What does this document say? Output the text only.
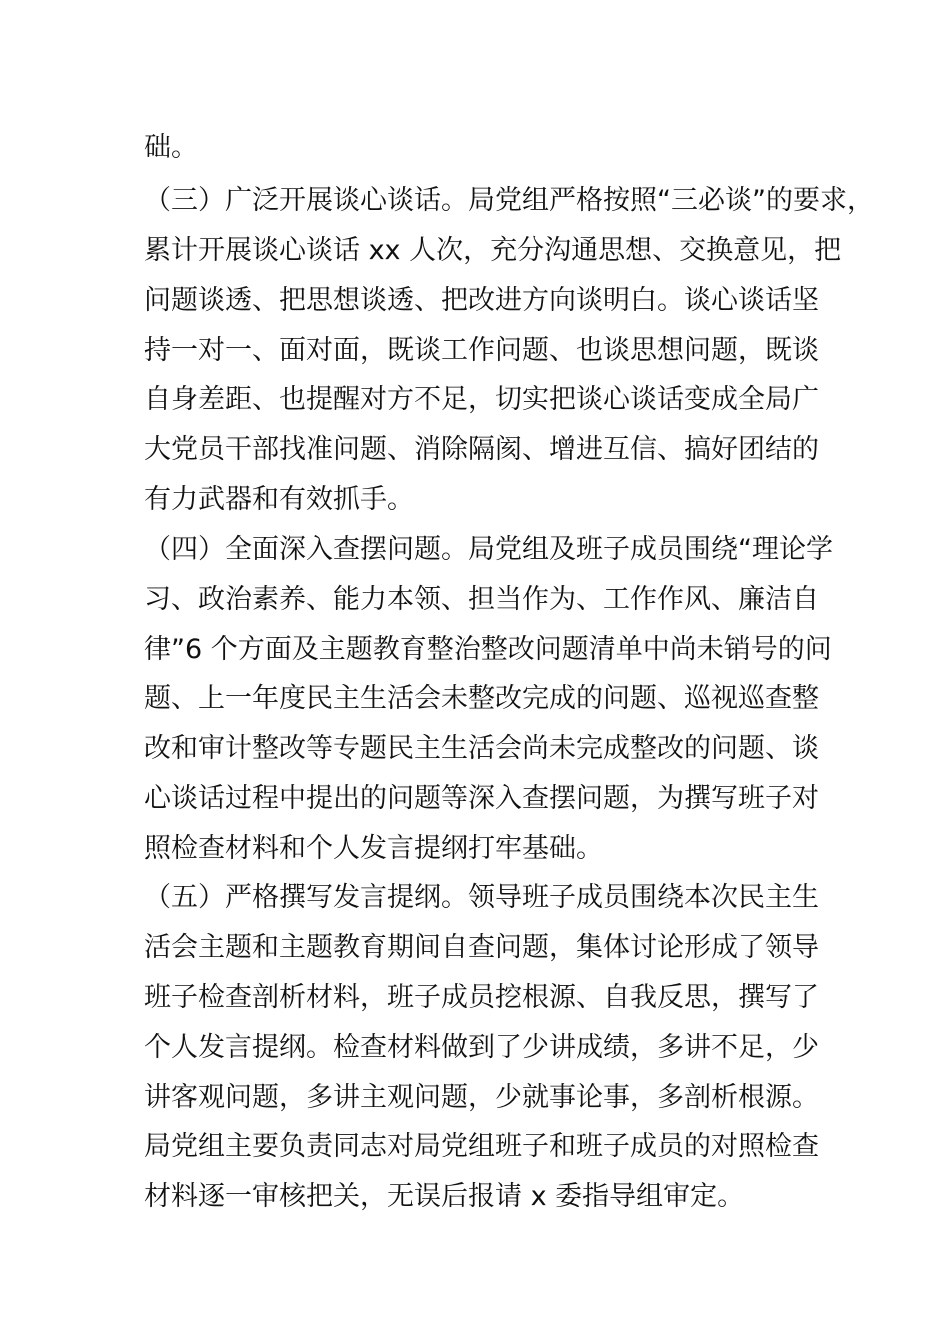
础。
（三）广泛开展谈心谈话。局党组严格按照“三必谈”的要求，
累计开展谈心谈话 xx 人次，充分沟通思想、交换意见，把
问题谈透、把思想谈透、把改进方向谈明白。谈心谈话坚
持一对一、面对面，既谈工作问题、也谈思想问题，既谈
自身差距、也提醒对方不足，切实把谈心谈话变成全局广
大党员干部找准问题、消除隔阂、增进互信、搞好团结的
有力武器和有效抓手。
（四）全面深入查摆问题。局党组及班子成员围绕“理论学
习、政治素养、能力本领、担当作为、工作作风、廉洁自
律”6 个方面及主题教育整治整改问题清单中尚未销号的问
题、上一年度民主生活会未整改完成的问题、巡视巡查整
改和审计整改等专题民主生活会尚未完成整改的问题、谈
心谈话过程中提出的问题等深入查摆问题，为撰写班子对
照检查材料和个人发言提纲打牢基础。
（五）严格撰写发言提纲。领导班子成员围绕本次民主生
活会主题和主题教育期间自查问题，集体讨论形成了领导
班子检查剖析材料，班子成员挖根源、自我反思，撰写了
个人发言提纲。检查材料做到了少讲成绩，多讲不足，少
讲客观问题，多讲主观问题，少就事论事，多剖析根源。
局党组主要负责同志对局党组班子和班子成员的对照检查
材料逐一审核把关，无误后报请 x 委指导组审定。
